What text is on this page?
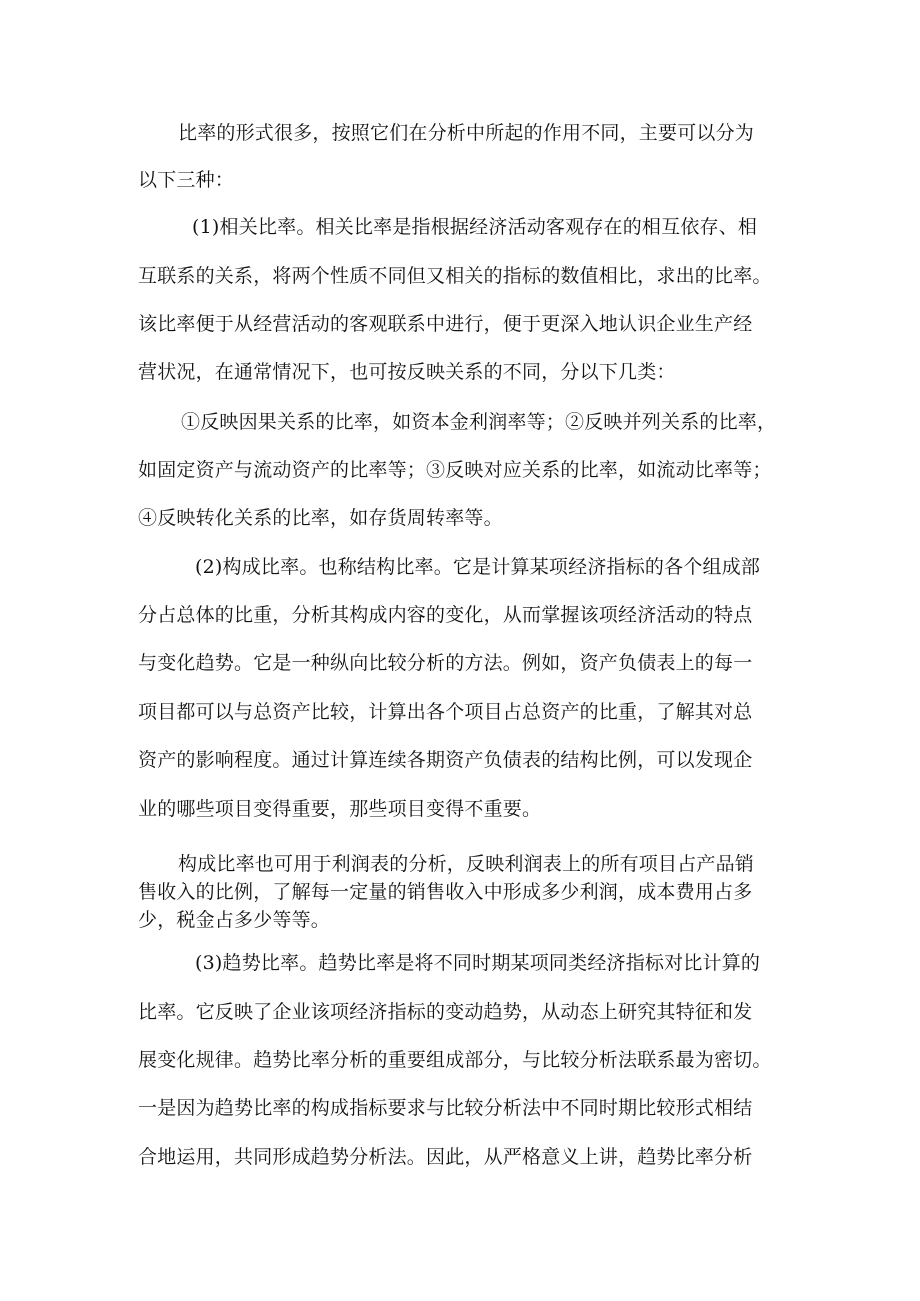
比率的形式很多，按照它们在分析中所起的作用不同，主要可以分为
以下三种：
(1)相关比率。相关比率是指根据经济活动客观存在的相互依存、相
互联系的关系，将两个性质不同但又相关的指标的数值相比，求出的比率。
该比率便于从经营活动的客观联系中进行，便于更深入地认识企业生产经
营状况，在通常情况下，也可按反映关系的不同，分以下几类：
①反映因果关系的比率，如资本金利润率等；②反映并列关系的比率，
如固定资产与流动资产的比率等；③反映对应关系的比率，如流动比率等；
④反映转化关系的比率，如存货周转率等。
(2)构成比率。也称结构比率。它是计算某项经济指标的各个组成部
分占总体的比重，分析其构成内容的变化，从而掌握该项经济活动的特点
与变化趋势。它是一种纵向比较分析的方法。例如，资产负债表上的每一
项目都可以与总资产比较，计算出各个项目占总资产的比重，了解其对总
资产的影响程度。通过计算连续各期资产负债表的结构比例，可以发现企
业的哪些项目变得重要，那些项目变得不重要。
构成比率也可用于利润表的分析，反映利润表上的所有项目占产品销
售收入的比例，了解每一定量的销售收入中形成多少利润，成本费用占多
少，税金占多少等等。
(3)趋势比率。趋势比率是将不同时期某项同类经济指标对比计算的
比率。它反映了企业该项经济指标的变动趋势，从动态上研究其特征和发
展变化规律。趋势比率分析的重要组成部分，与比较分析法联系最为密切。
一是因为趋势比率的构成指标要求与比较分析法中不同时期比较形式相结
合地运用，共同形成趋势分析法。因此，从严格意义上讲，趋势比率分析
